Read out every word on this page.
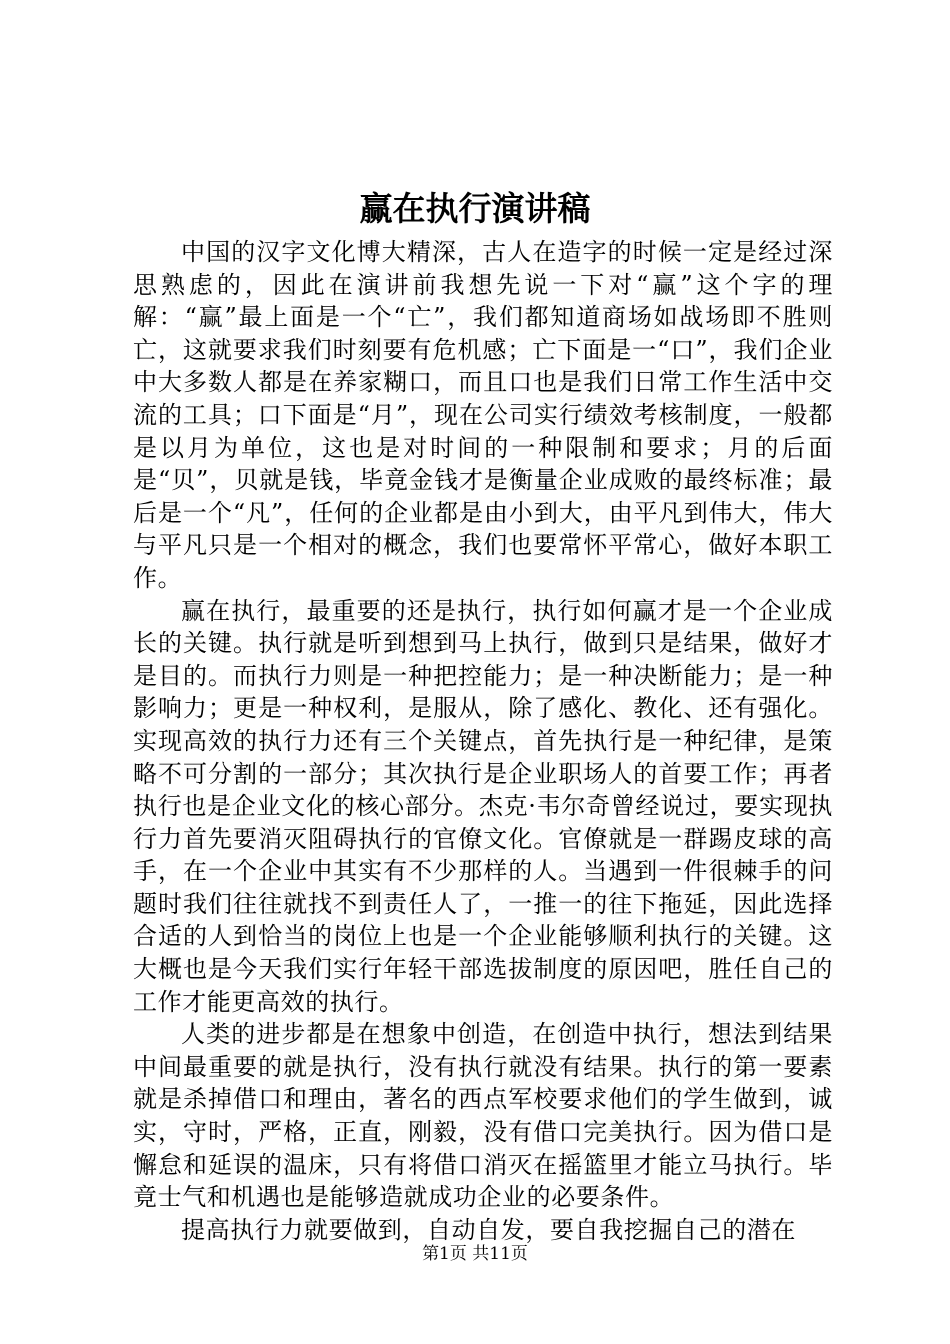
赢在执行演讲稿

中国的汉字文化博大精深，古人在造字的时候一定是经过深思熟虑的，因此在演讲前我想先说一下对“赢”这个字的理解：“赢”最上面是一个“亡”，我们都知道商场如战场即不胜则亡，这就要求我们时刻要有危机感；亡下面是一“口”，我们企业中大多数人都是在养家糊口，而且口也是我们日常工作生活中交流的工具；口下面是“月”，现在公司实行绩效考核制度，一般都是以月为单位，这也是对时间的一种限制和要求；月的后面是“贝”，贝就是钱，毕竟金钱才是衡量企业成败的最终标准；最后是一个“凡”，任何的企业都是由小到大，由平凡到伟大，伟大与平凡只是一个相对的概念，我们也要常怀平常心，做好本职工作。

赢在执行，最重要的还是执行，执行如何赢才是一个企业成长的关键。执行就是听到想到马上执行，做到只是结果，做好才是目的。而执行力则是一种把控能力；是一种决断能力；是一种影响力；更是一种权利，是服从，除了感化、教化、还有强化。实现高效的执行力还有三个关键点，首先执行是一种纪律，是策略不可分割的一部分；其次执行是企业职场人的首要工作；再者执行也是企业文化的核心部分。杰克·韦尔奇曾经说过，要实现执行力首先要消灭阻碍执行的官僚文化。官僚就是一群踢皮球的高手，在一个企业中其实有不少那样的人。当遇到一件很棘手的问题时我们往往就找不到责任人了，一推一的往下拖延，因此选择合适的人到恰当的岗位上也是一个企业能够顺利执行的关键。这大概也是今天我们实行年轻干部选拔制度的原因吧，胜任自己的工作才能更高效的执行。

人类的进步都是在想象中创造，在创造中执行，想法到结果中间最重要的就是执行，没有执行就没有结果。执行的第一要素就是杀掉借口和理由，著名的西点军校要求他们的学生做到，诚实，守时，严格，正直，刚毅，没有借口完美执行。因为借口是懈怠和延误的温床，只有将借口消灭在摇篮里才能立马执行。毕竟士气和机遇也是能够造就成功企业的必要条件。

提高执行力就要做到，自动自发，要自我挖掘自己的潜在

第1页 共11页
